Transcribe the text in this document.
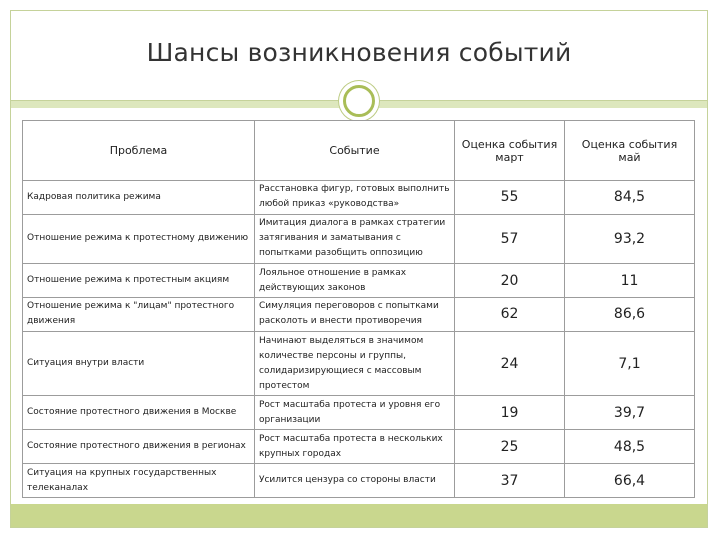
Шансы возникновения событий
Проблема	Событие	Оценка события март	Оценка события май
Кадровая политика режима	Расстановка фигур, готовых выполнить любой приказ «руководства»	55	84,5
Отношение режима к протестному движению	Имитация диалога в рамках стратегии затягивания и заматывания с попытками разобщить оппозицию	57	93,2
Отношение режима к протестным акциям	Лояльное отношение в рамках действующих законов	20	11
Отношение режима к "лицам" протестного движения	Симуляция переговоров с попытками расколоть и внести противоречия	62	86,6
Ситуация внутри власти	Начинают выделяться в значимом количестве персоны и группы, солидаризирующиеся с массовым протестом	24	7,1
Состояние протестного движения в Москве	Рост масштаба протеста и уровня его организации	19	39,7
Состояние протестного движения в регионах	Рост масштаба протеста в нескольких крупных городах	25	48,5
Ситуация на крупных государственных телеканалах	Усилится цензура со стороны власти	37	66,4
